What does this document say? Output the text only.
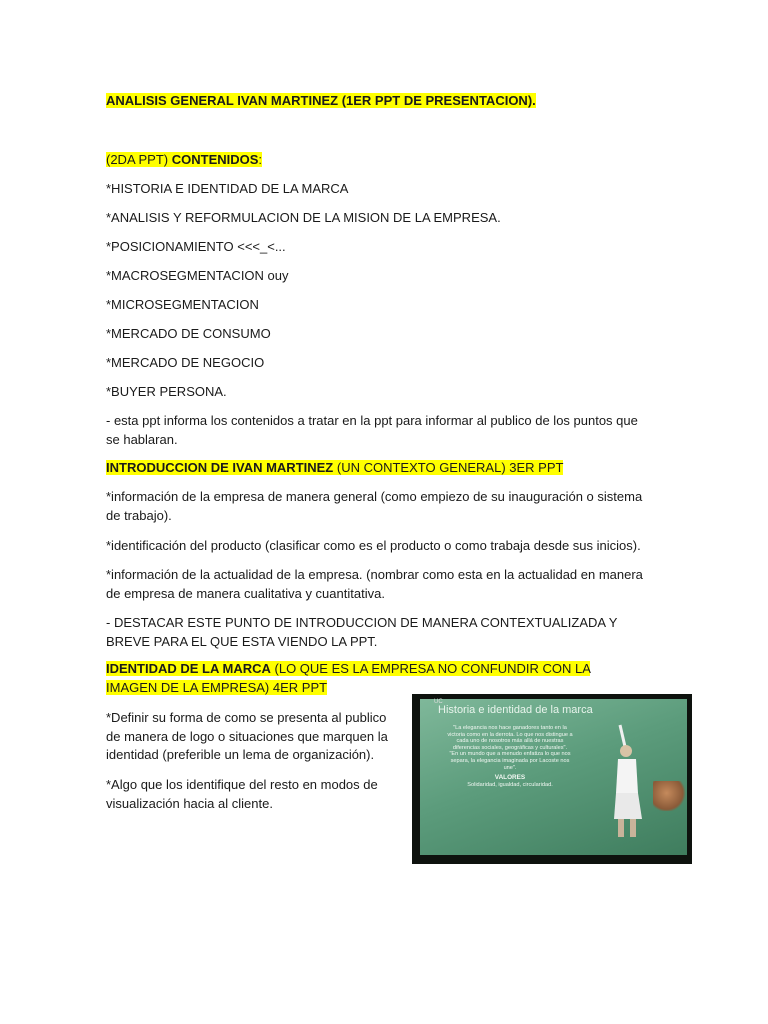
ANALISIS GENERAL IVAN MARTINEZ (1ER PPT DE PRESENTACION).
(2DA PPT) CONTENIDOS:
*HISTORIA E IDENTIDAD DE LA MARCA
*ANALISIS Y REFORMULACION DE LA MISION DE LA EMPRESA.
*POSICIONAMIENTO <<<_<...
*MACROSEGMENTACION ouy
*MICROSEGMENTACION
*MERCADO DE CONSUMO
*MERCADO DE NEGOCIO
*BUYER PERSONA.
- esta ppt informa los contenidos a tratar en la ppt para informar al publico de los puntos que se hablaran.
INTRODUCCION DE IVAN MARTINEZ (UN CONTEXTO GENERAL) 3ER PPT
*información de la empresa de manera general (como empiezo de su inauguración o sistema de trabajo).
*identificación del producto (clasificar como es el producto o como trabaja desde sus inicios).
*información de la actualidad de la empresa. (nombrar como esta en la actualidad en manera de empresa de manera cualitativa y cuantitativa.
- DESTACAR ESTE PUNTO DE INTRODUCCION DE MANERA CONTEXTUALIZADA Y BREVE PARA EL QUE ESTA VIENDO LA PPT.
IDENTIDAD DE LA MARCA (LO QUE ES LA EMPRESA NO CONFUNDIR CON LA IMAGEN DE LA EMPRESA) 4ER PPT
*Definir su forma de como se presenta al publico de manera de logo o situaciones que marquen la identidad (preferible un lema de organización).
*Algo que los identifique del resto en modos de visualización hacia al cliente.
UC
Historia e identidad de la marca
"La elegancia nos hace ganadores tanto en la victoria como en la derrota. Lo que nos distingue a cada uno de nosotros más allá de nuestras diferencias sociales, geográficas y culturales".
"En un mundo que a menudo enfatiza lo que nos separa, la elegancia imaginada por Lacoste nos une".
VALORES
Solidaridad, igualdad, circularidad.
